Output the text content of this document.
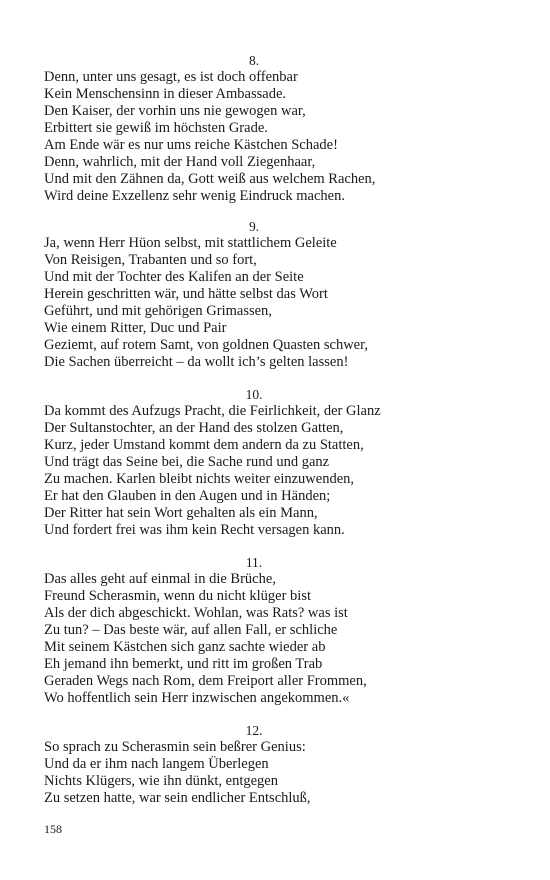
8.
Denn, unter uns gesagt, es ist doch offenbar
Kein Menschensinn in dieser Ambassade.
Den Kaiser, der vorhin uns nie gewogen war,
Erbittert sie gewiß im höchsten Grade.
Am Ende wär es nur ums reiche Kästchen Schade!
Denn, wahrlich, mit der Hand voll Ziegenhaar,
Und mit den Zähnen da, Gott weiß aus welchem Rachen,
Wird deine Exzellenz sehr wenig Eindruck machen.
9.
Ja, wenn Herr Hüon selbst, mit stattlichem Geleite
Von Reisigen, Trabanten und so fort,
Und mit der Tochter des Kalifen an der Seite
Herein geschritten wär, und hätte selbst das Wort
Geführt, und mit gehörigen Grimassen,
Wie einem Ritter, Duc und Pair
Geziemt, auf rotem Samt, von goldnen Quasten schwer,
Die Sachen überreicht – da wollt ich’s gelten lassen!
10.
Da kommt des Aufzugs Pracht, die Feirlichkeit, der Glanz
Der Sultanstochter, an der Hand des stolzen Gatten,
Kurz, jeder Umstand kommt dem andern da zu Statten,
Und trägt das Seine bei, die Sache rund und ganz
Zu machen. Karlen bleibt nichts weiter einzuwenden,
Er hat den Glauben in den Augen und in Händen;
Der Ritter hat sein Wort gehalten als ein Mann,
Und fordert frei was ihm kein Recht versagen kann.
11.
Das alles geht auf einmal in die Brüche,
Freund Scherasmin, wenn du nicht klüger bist
Als der dich abgeschickt. Wohlan, was Rats? was ist
Zu tun? – Das beste wär, auf allen Fall, er schliche
Mit seinem Kästchen sich ganz sachte wieder ab
Eh jemand ihn bemerkt, und ritt im großen Trab
Geraden Wegs nach Rom, dem Freiport aller Frommen,
Wo hoffentlich sein Herr inzwischen angekommen.«
12.
So sprach zu Scherasmin sein beßrer Genius:
Und da er ihm nach langem Überlegen
Nichts Klügers, wie ihn dünkt, entgegen
Zu setzen hatte, war sein endlicher Entschluß,
158
